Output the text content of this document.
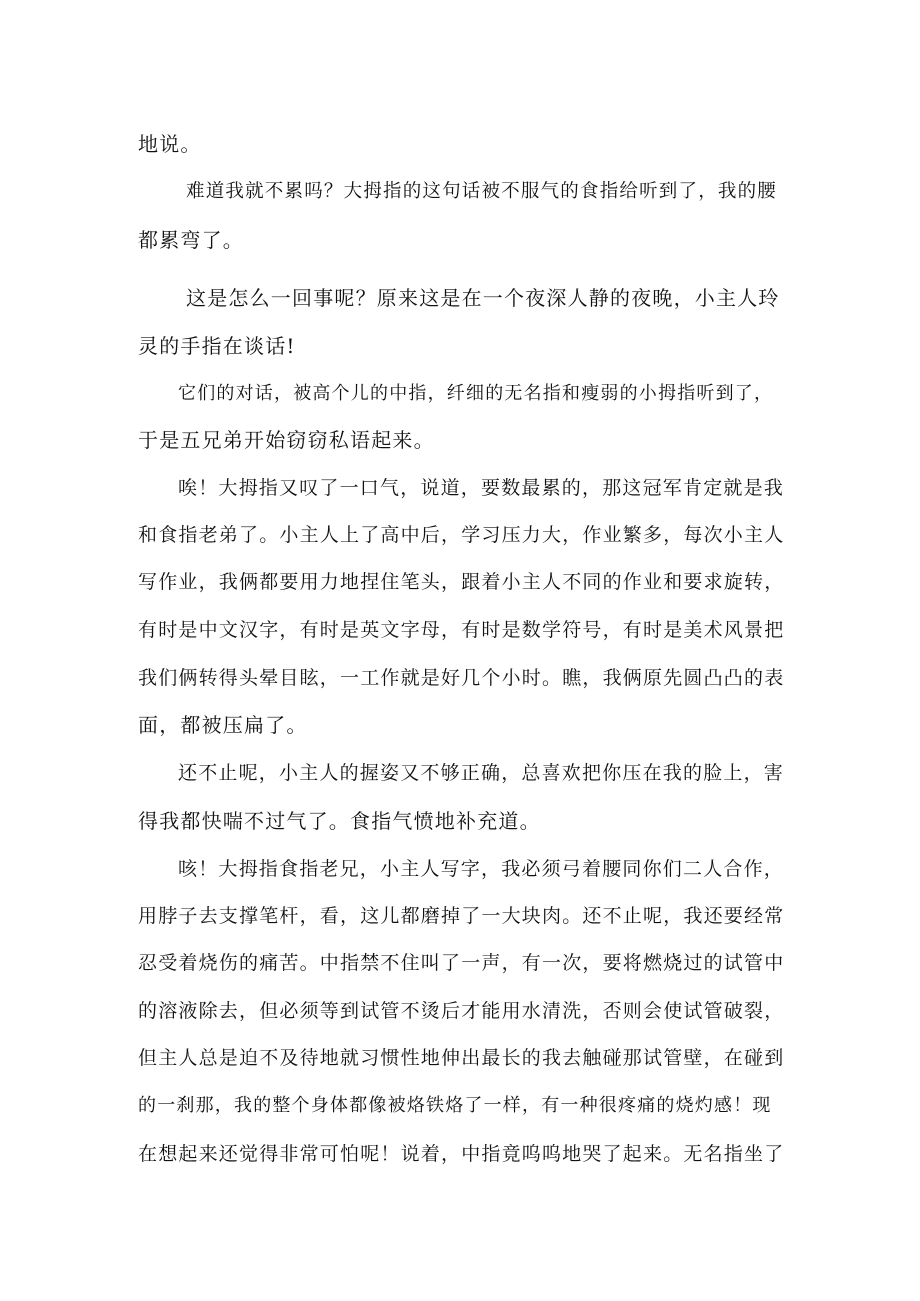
地说。
难道我就不累吗？大拇指的这句话被不服气的食指给听到了，我的腰
都累弯了。
这是怎么一回事呢？原来这是在一个夜深人静的夜晚，小主人玲
灵的手指在谈话!
它们的对话，被高个儿的中指，纤细的无名指和瘦弱的小拇指听到了，
于是五兄弟开始窃窃私语起来。
唉！大拇指又叹了一口气，说道，要数最累的，那这冠军肯定就是我
和食指老弟了。小主人上了高中后，学习压力大，作业繁多，每次小主人
写作业，我俩都要用力地捏住笔头，跟着小主人不同的作业和要求旋转，
有时是中文汉字，有时是英文字母，有时是数学符号，有时是美术风景把
我们俩转得头晕目眩，一工作就是好几个小时。瞧，我俩原先圆凸凸的表
面，都被压扁了。
还不止呢，小主人的握姿又不够正确，总喜欢把你压在我的脸上，害
得我都快喘不过气了。食指气愤地补充道。
咳！大拇指食指老兄，小主人写字，我必须弓着腰同你们二人合作，
用脖子去支撑笔杆，看，这儿都磨掉了一大块肉。还不止呢，我还要经常
忍受着烧伤的痛苦。中指禁不住叫了一声，有一次，要将燃烧过的试管中
的溶液除去，但必须等到试管不烫后才能用水清洗，否则会使试管破裂，
但主人总是迫不及待地就习惯性地伸出最长的我去触碰那试管壁，在碰到
的一刹那，我的整个身体都像被烙铁烙了一样，有一种很疼痛的烧灼感！现
在想起来还觉得非常可怕呢！说着，中指竟呜呜地哭了起来。无名指坐了
